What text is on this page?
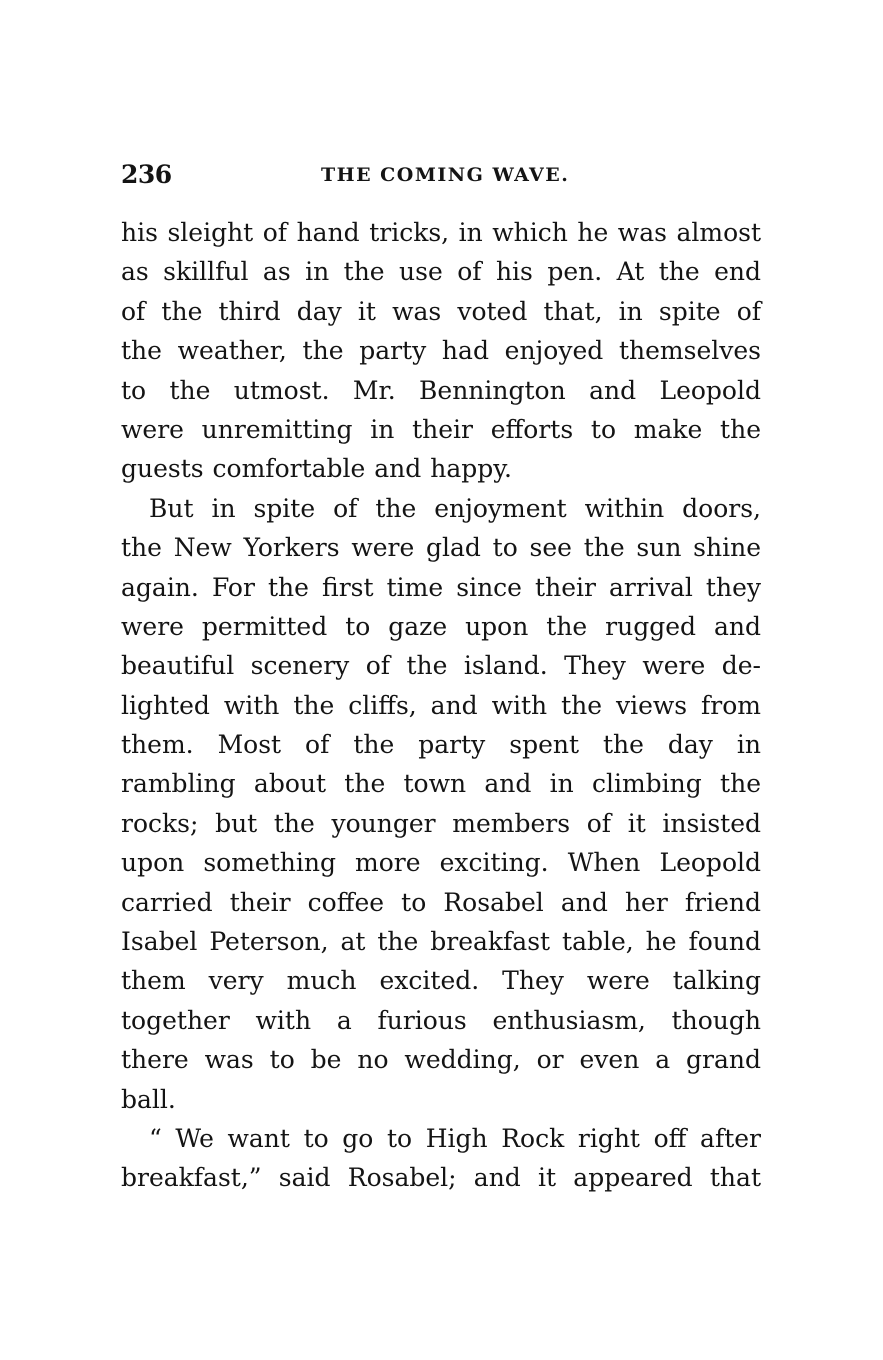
236	THE COMING WAVE.
his sleight of hand tricks, in which he was almost
as skillful as in the use of his pen. At the end
of the third day it was voted that, in spite of
the weather, the party had enjoyed themselves
to the utmost. Mr. Bennington and Leopold
were unremitting in their efforts to make the
guests comfortable and happy.
But in spite of the enjoyment within doors,
the New Yorkers were glad to see the sun shine
again. For the first time since their arrival they
were permitted to gaze upon the rugged and
beautiful scenery of the island. They were de-
lighted with the cliffs, and with the views from
them. Most of the party spent the day in
rambling about the town and in climbing the
rocks; but the younger members of it insisted
upon something more exciting. When Leopold
carried their coffee to Rosabel and her friend
Isabel Peterson, at the breakfast table, he found
them very much excited. They were talking
together with a furious enthusiasm, though
there was to be no wedding, or even a grand
ball.
“ We want to go to High Rock right off after
breakfast,” said Rosabel; and it appeared that
